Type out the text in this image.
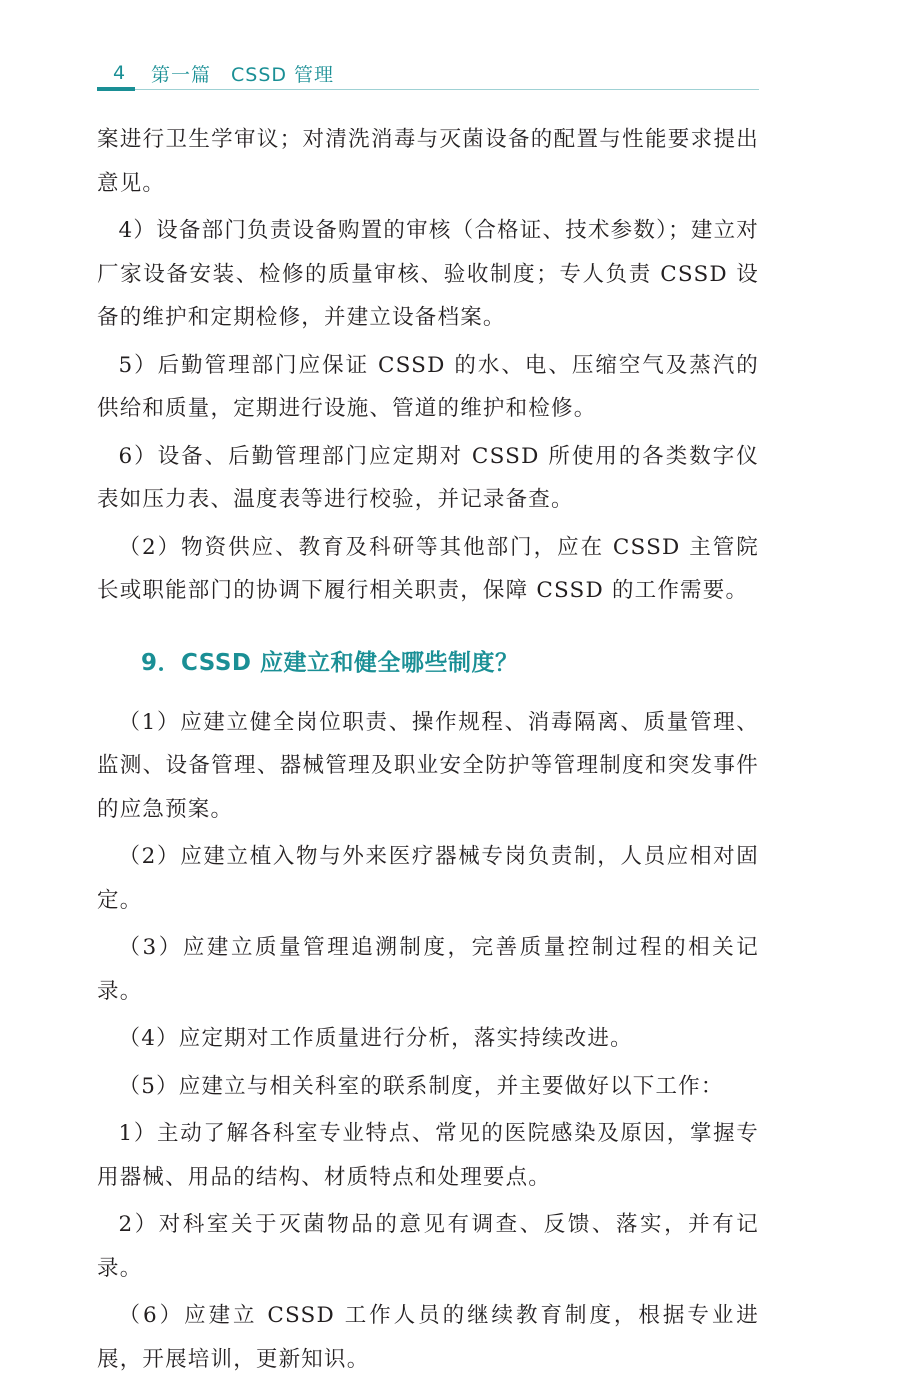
4	第一篇　CSSD 管理

案进行卫生学审议；对清洗消毒与灭菌设备的配置与性能要求提出意见。

4）设备部门负责设备购置的审核（合格证、技术参数）；建立对厂家设备安装、检修的质量审核、验收制度；专人负责 CSSD 设备的维护和定期检修，并建立设备档案。

5）后勤管理部门应保证 CSSD 的水、电、压缩空气及蒸汽的供给和质量，定期进行设施、管道的维护和检修。

6）设备、后勤管理部门应定期对 CSSD 所使用的各类数字仪表如压力表、温度表等进行校验，并记录备查。

（2）物资供应、教育及科研等其他部门，应在 CSSD 主管院长或职能部门的协调下履行相关职责，保障 CSSD 的工作需要。

9．CSSD 应建立和健全哪些制度？

（1）应建立健全岗位职责、操作规程、消毒隔离、质量管理、监测、设备管理、器械管理及职业安全防护等管理制度和突发事件的应急预案。

（2）应建立植入物与外来医疗器械专岗负责制，人员应相对固定。

（3）应建立质量管理追溯制度，完善质量控制过程的相关记录。

（4）应定期对工作质量进行分析，落实持续改进。

（5）应建立与相关科室的联系制度，并主要做好以下工作：

1）主动了解各科室专业特点、常见的医院感染及原因，掌握专用器械、用品的结构、材质特点和处理要点。

2）对科室关于灭菌物品的意见有调查、反馈、落实，并有记录。

（6）应建立 CSSD 工作人员的继续教育制度，根据专业进展，开展培训，更新知识。
